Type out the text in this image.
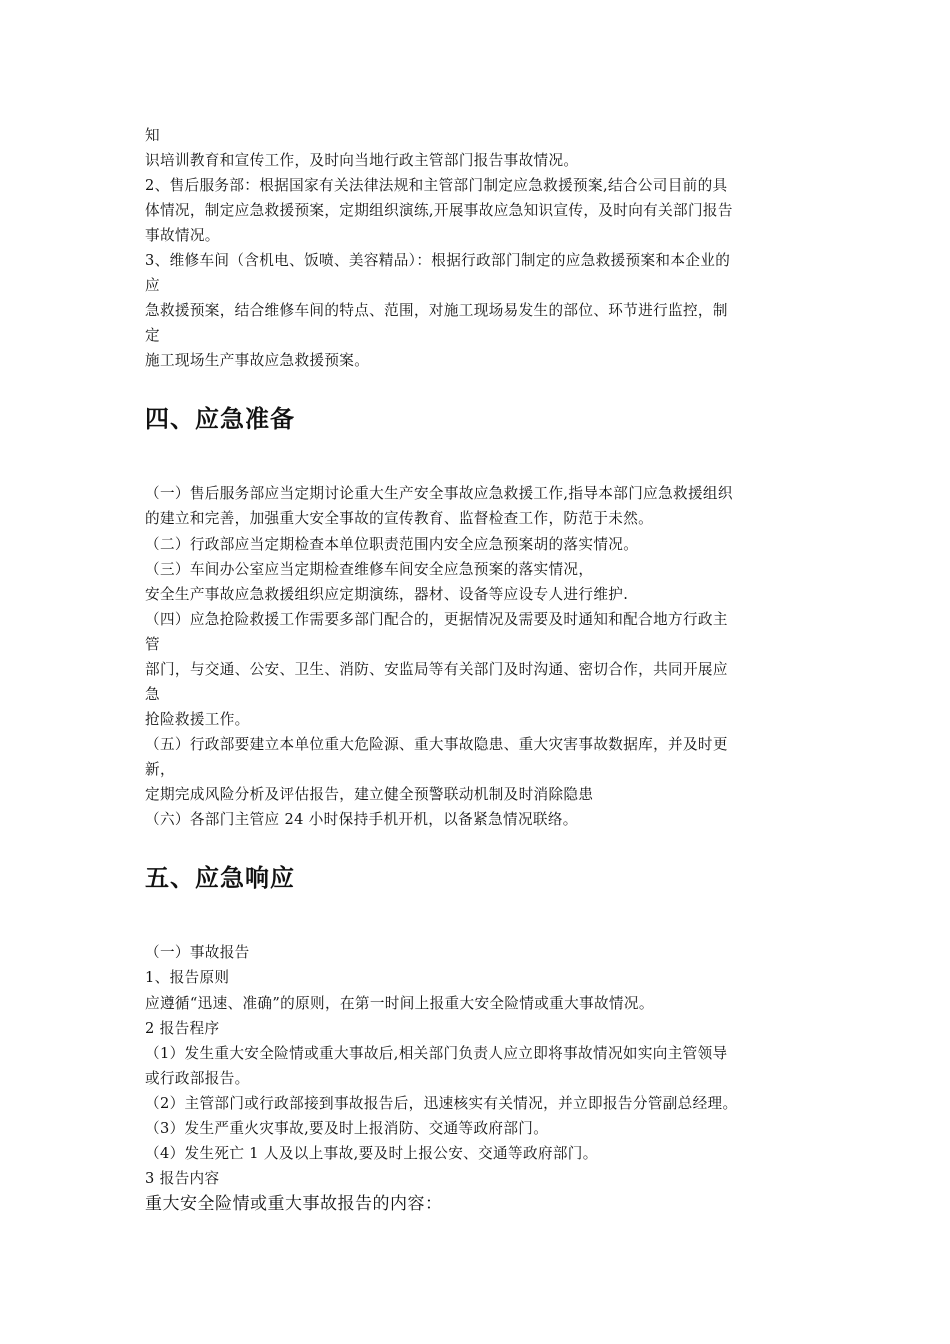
知
识培训教育和宣传工作，及时向当地行政主管部门报告事故情况。
2、售后服务部：根据国家有关法律法规和主管部门制定应急救援预案,结合公司目前的具
体情况，制定应急救援预案，定期组织演练,开展事故应急知识宣传，及时向有关部门报告
事故情况。
3、维修车间（含机电、饭喷、美容精品）：根据行政部门制定的应急救援预案和本企业的
应
急救援预案，结合维修车间的特点、范围，对施工现场易发生的部位、环节进行监控，制
定
施工现场生产事故应急救援预案。
四、应急准备
（一）售后服务部应当定期讨论重大生产安全事故应急救援工作,指导本部门应急救援组织
的建立和完善，加强重大安全事故的宣传教育、监督检查工作，防范于未然。
（二）行政部应当定期检查本单位职责范围内安全应急预案胡的落实情况。
（三）车间办公室应当定期检查维修车间安全应急预案的落实情况，
安全生产事故应急救援组织应定期演练，器材、设备等应设专人进行维护.
（四）应急抢险救援工作需要多部门配合的，更据情况及需要及时通知和配合地方行政主
管
部门，与交通、公安、卫生、消防、安监局等有关部门及时沟通、密切合作，共同开展应
急
抢险救援工作。
（五）行政部要建立本单位重大危险源、重大事故隐患、重大灾害事故数据库，并及时更
新，
定期完成风险分析及评估报告，建立健全预警联动机制及时消除隐患
（六）各部门主管应 24 小时保持手机开机，以备紧急情况联络。
五、应急响应
（一）事故报告
1、报告原则
应遵循“迅速、准确”的原则，在第一时间上报重大安全险情或重大事故情况。
2 报告程序
（1）发生重大安全险情或重大事故后,相关部门负责人应立即将事故情况如实向主管领导
或行政部报告。
（2）主管部门或行政部接到事故报告后，迅速核实有关情况，并立即报告分管副总经理。
（3）发生严重火灾事故,要及时上报消防、交通等政府部门。
（4）发生死亡 1 人及以上事故,要及时上报公安、交通等政府部门。
3 报告内容
重大安全险情或重大事故报告的内容：
